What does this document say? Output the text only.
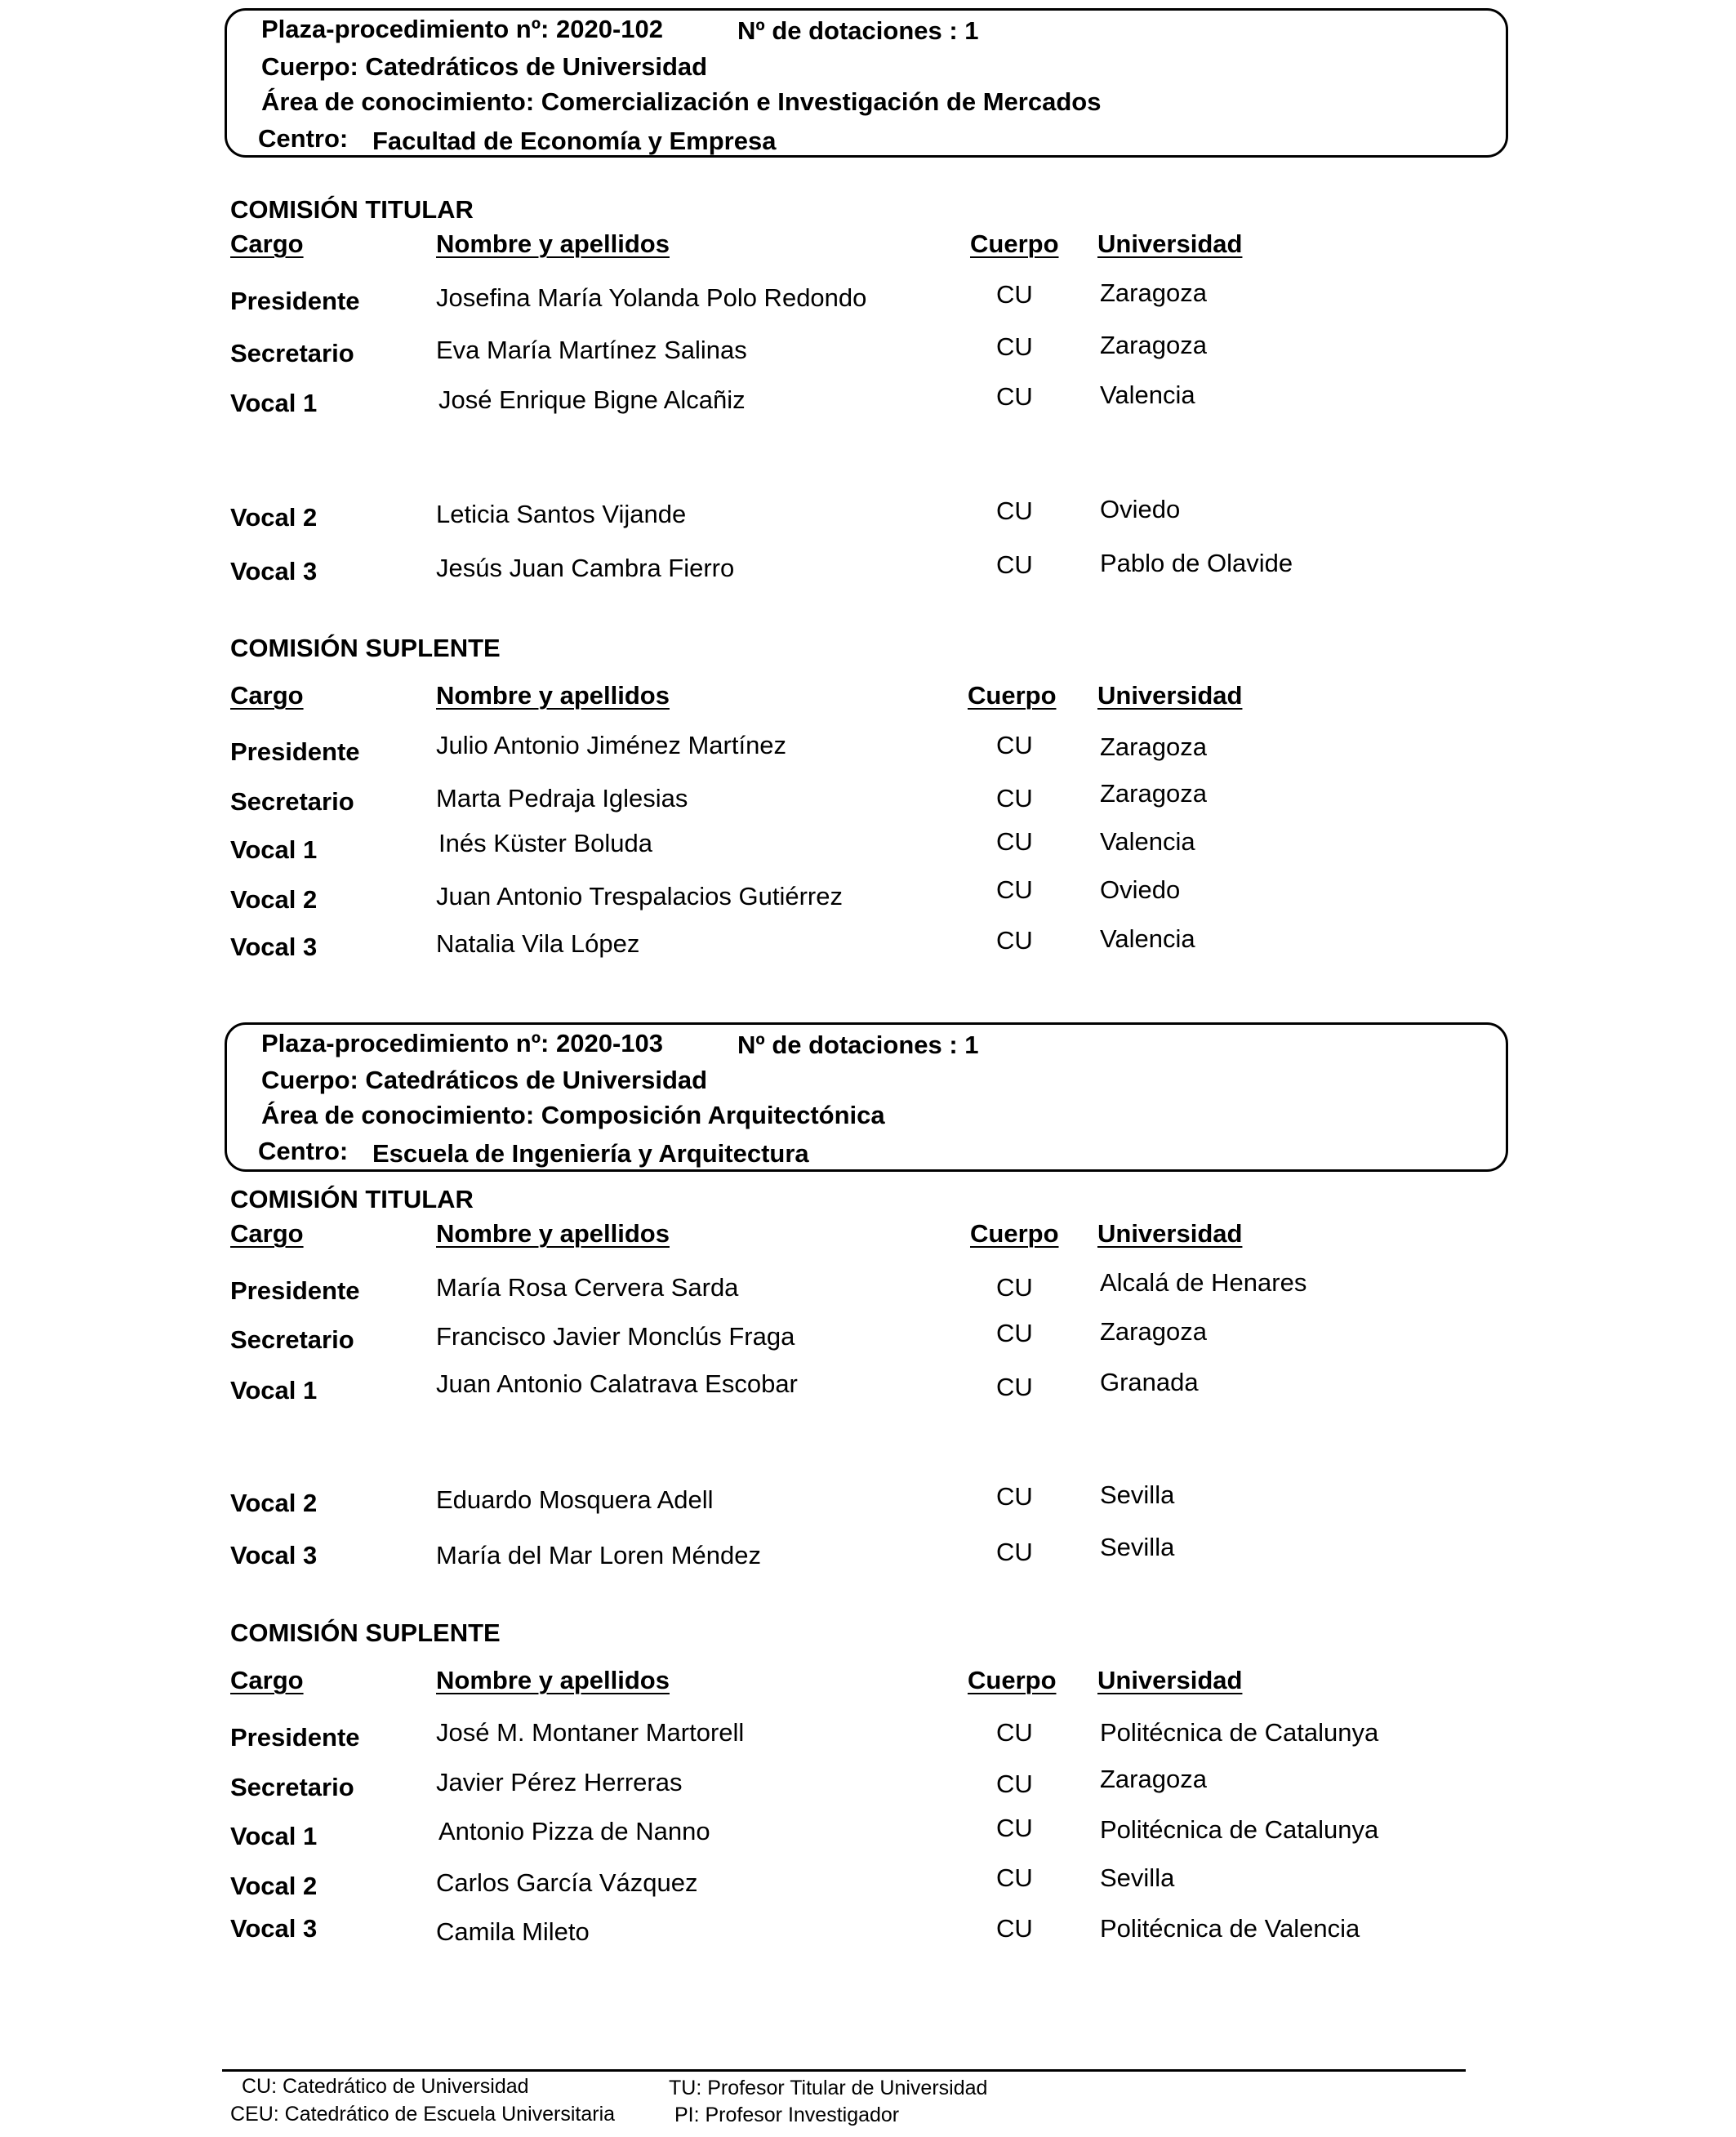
Plaza-procedimiento nº: 2020-102	Nº de dotaciones : 1
Cuerpo: Catedráticos de Universidad
Área de conocimiento: Comercialización e Investigación de Mercados
Centro: Facultad de Economía y Empresa
COMISIÓN TITULAR
Cargo	Nombre y apellidos	Cuerpo Universidad
Presidente	Josefina María Yolanda Polo Redondo	CU	Zaragoza
Secretario	Eva María Martínez Salinas	CU	Zaragoza
Vocal 1	José Enrique Bigne Alcañiz	CU	Valencia
Vocal 2	Leticia Santos Vijande	CU	Oviedo
Vocal 3	Jesús Juan Cambra Fierro	CU	Pablo de Olavide
COMISIÓN SUPLENTE
Cargo	Nombre y apellidos	Cuerpo Universidad
Presidente	Julio Antonio Jiménez Martínez	CU	Zaragoza
Secretario	Marta Pedraja Iglesias	CU	Zaragoza
Vocal 1	Inés Küster Boluda	CU	Valencia
Vocal 2	Juan Antonio Trespalacios Gutiérrez	CU	Oviedo
Vocal 3	Natalia Vila López	CU	Valencia
Plaza-procedimiento nº: 2020-103	Nº de dotaciones : 1
Cuerpo: Catedráticos de Universidad
Área de conocimiento: Composición Arquitectónica
Centro: Escuela de Ingeniería y Arquitectura
COMISIÓN TITULAR
Cargo	Nombre y apellidos	Cuerpo Universidad
Presidente	María Rosa Cervera Sarda	CU	Alcalá de Henares
Secretario	Francisco Javier Monclús Fraga	CU	Zaragoza
Vocal 1	Juan Antonio Calatrava Escobar	CU	Granada
Vocal 2	Eduardo Mosquera Adell	CU	Sevilla
Vocal 3	María del Mar Loren Méndez	CU	Sevilla
COMISIÓN SUPLENTE
Cargo	Nombre y apellidos	Cuerpo Universidad
Presidente	José M. Montaner Martorell	CU	Politécnica de Catalunya
Secretario	Javier Pérez Herreras	CU	Zaragoza
Vocal 1	Antonio Pizza de Nanno	CU	Politécnica de Catalunya
Vocal 2	Carlos García Vázquez	CU	Sevilla
Vocal 3	Camila Mileto	CU	Politécnica de Valencia
CU: Catedrático de Universidad
CEU: Catedrático de Escuela Universitaria
TU: Profesor Titular de Universidad
PI: Profesor Investigador
